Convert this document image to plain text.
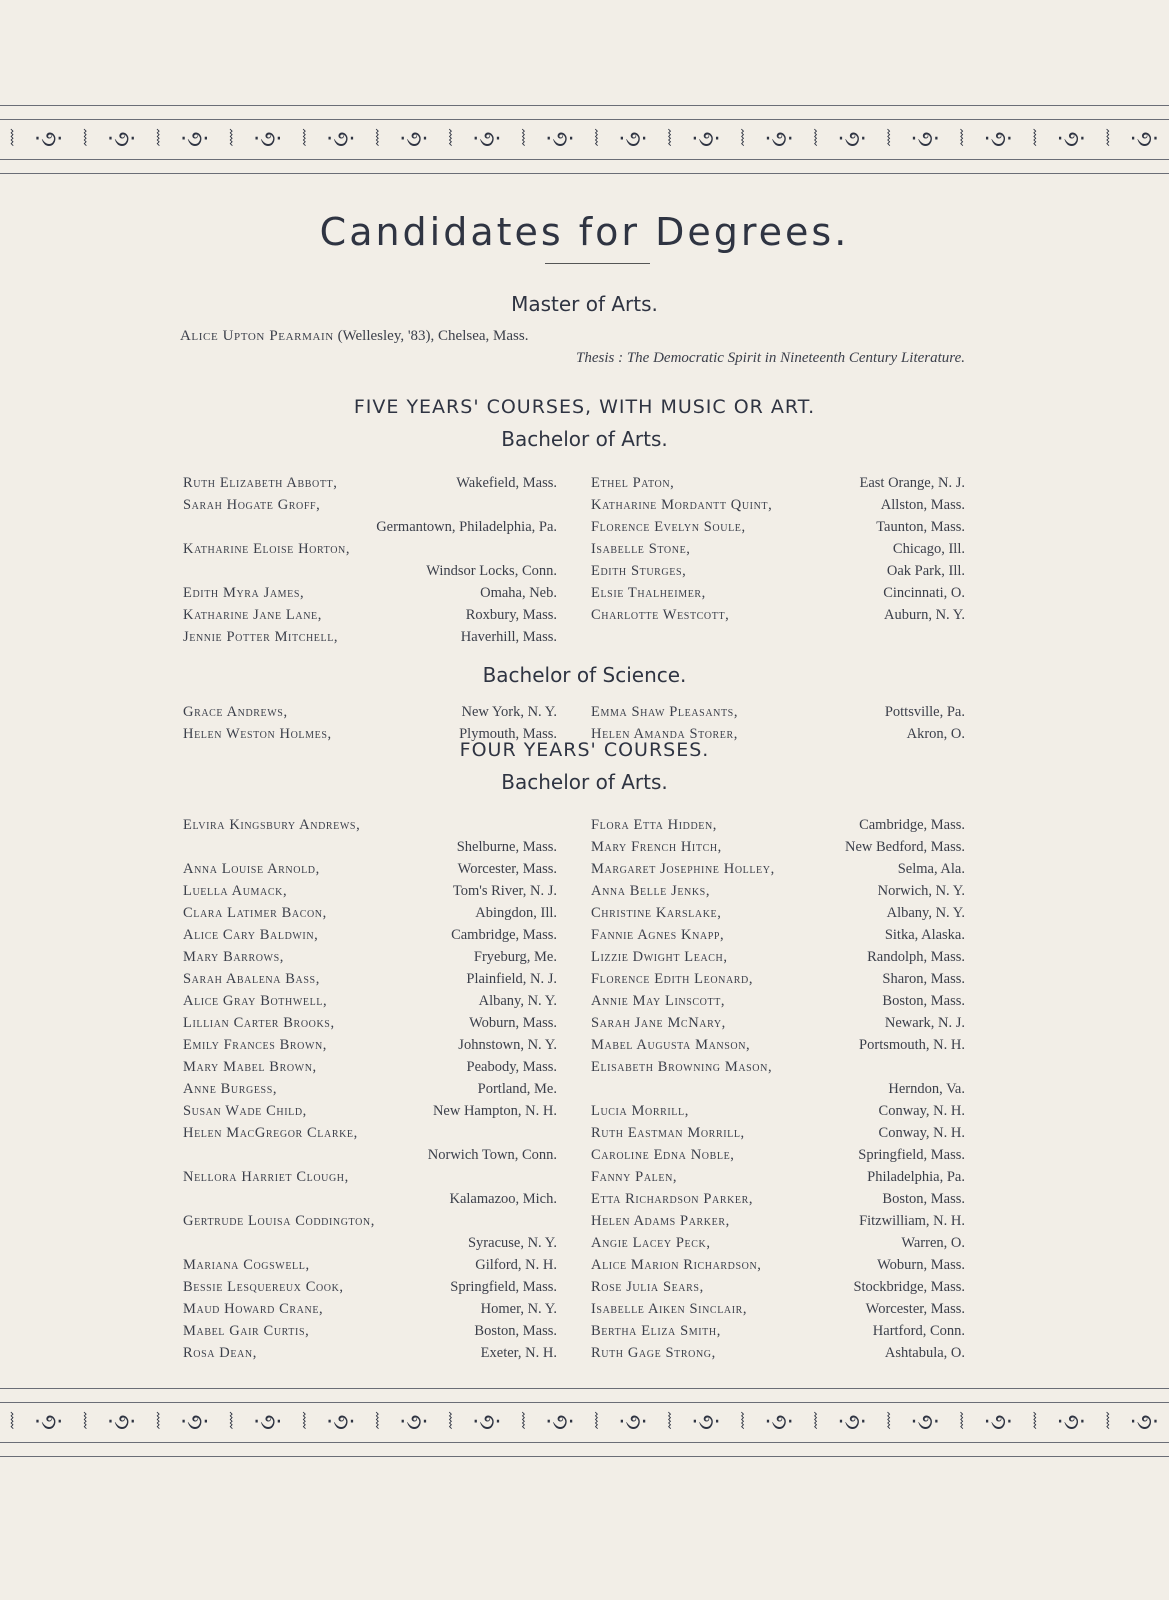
⦚ ·૭· ⦚ ·૭· ⦚ ·૭· ⦚ ·૭· ⦚ ·૭· ⦚ ·૭· ⦚ ·૭· ⦚ ·૭· ⦚ ·૭· ⦚ ·૭· ⦚ ·૭· ⦚ ·૭· ⦚ ·૭· ⦚ ·૭· ⦚ ·૭· ⦚ ·૭·
Candidates for Degrees.
Master of Arts.
Alice Upton Pearmain (Wellesley, '83), Chelsea, Mass.
Thesis : The Democratic Spirit in Nineteenth Century Literature.
FIVE YEARS' COURSES, WITH MUSIC OR ART.
Bachelor of Arts.
Ruth Elizabeth Abbott,	Wakefield, Mass.
Sarah Hogate Groff,
Germantown, Philadelphia, Pa.
Katharine Eloise Horton,
Windsor Locks, Conn.
Edith Myra James,	Omaha, Neb.
Katharine Jane Lane,	Roxbury, Mass.
Jennie Potter Mitchell,	Haverhill, Mass.
Ethel Paton,	East Orange, N. J.
Katharine Mordantt Quint,	Allston, Mass.
Florence Evelyn Soule,	Taunton, Mass.
Isabelle Stone,	Chicago, Ill.
Edith Sturges,	Oak Park, Ill.
Elsie Thalheimer,	Cincinnati, O.
Charlotte Westcott,	Auburn, N. Y.
Bachelor of Science.
Grace Andrews,	New York, N. Y.
Helen Weston Holmes,	Plymouth, Mass.
Emma Shaw Pleasants,	Pottsville, Pa.
Helen Amanda Storer,	Akron, O.
FOUR YEARS' COURSES.
Bachelor of Arts.
Elvira Kingsbury Andrews,
Shelburne, Mass.
Anna Louise Arnold,	Worcester, Mass.
Luella Aumack,	Tom's River, N. J.
Clara Latimer Bacon,	Abingdon, Ill.
Alice Cary Baldwin,	Cambridge, Mass.
Mary Barrows,	Fryeburg, Me.
Sarah Abalena Bass,	Plainfield, N. J.
Alice Gray Bothwell,	Albany, N. Y.
Lillian Carter Brooks,	Woburn, Mass.
Emily Frances Brown,	Johnstown, N. Y.
Mary Mabel Brown,	Peabody, Mass.
Anne Burgess,	Portland, Me.
Susan Wade Child,	New Hampton, N. H.
Helen MacGregor Clarke,
Norwich Town, Conn.
Nellora Harriet Clough,
Kalamazoo, Mich.
Gertrude Louisa Coddington,
Syracuse, N. Y.
Mariana Cogswell,	Gilford, N. H.
Bessie Lesquereux Cook,	Springfield, Mass.
Maud Howard Crane,	Homer, N. Y.
Mabel Gair Curtis,	Boston, Mass.
Rosa Dean,	Exeter, N. H.
Flora Etta Hidden,	Cambridge, Mass.
Mary French Hitch,	New Bedford, Mass.
Margaret Josephine Holley,	Selma, Ala.
Anna Belle Jenks,	Norwich, N. Y.
Christine Karslake,	Albany, N. Y.
Fannie Agnes Knapp,	Sitka, Alaska.
Lizzie Dwight Leach,	Randolph, Mass.
Florence Edith Leonard,	Sharon, Mass.
Annie May Linscott,	Boston, Mass.
Sarah Jane McNary,	Newark, N. J.
Mabel Augusta Manson,	Portsmouth, N. H.
Elisabeth Browning Mason,
Herndon, Va.
Lucia Morrill,	Conway, N. H.
Ruth Eastman Morrill,	Conway, N. H.
Caroline Edna Noble,	Springfield, Mass.
Fanny Palen,	Philadelphia, Pa.
Etta Richardson Parker,	Boston, Mass.
Helen Adams Parker,	Fitzwilliam, N. H.
Angie Lacey Peck,	Warren, O.
Alice Marion Richardson,	Woburn, Mass.
Rose Julia Sears,	Stockbridge, Mass.
Isabelle Aiken Sinclair,	Worcester, Mass.
Bertha Eliza Smith,	Hartford, Conn.
Ruth Gage Strong,	Ashtabula, O.
⦚ ·૭· ⦚ ·૭· ⦚ ·૭· ⦚ ·૭· ⦚ ·૭· ⦚ ·૭· ⦚ ·૭· ⦚ ·૭· ⦚ ·૭· ⦚ ·૭· ⦚ ·૭· ⦚ ·૭· ⦚ ·૭· ⦚ ·૭· ⦚ ·૭· ⦚ ·૭·
